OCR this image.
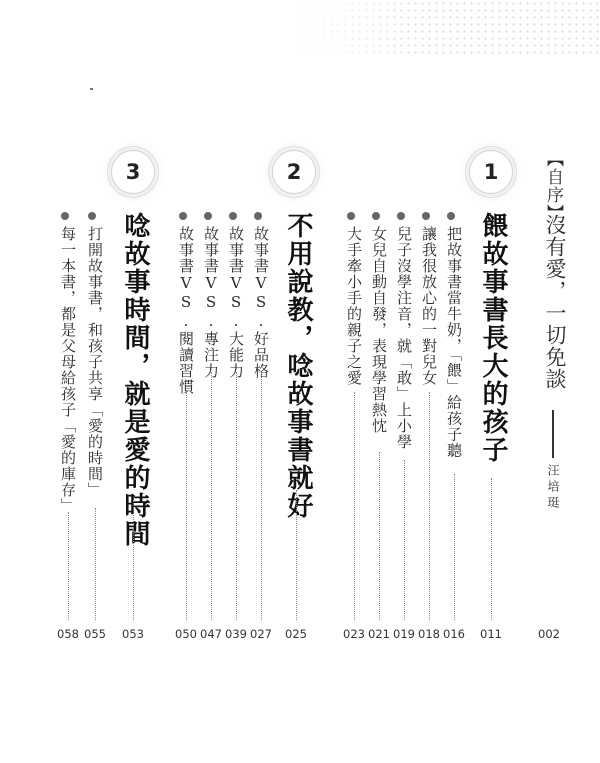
【自序】
沒有愛，一切免談
汪培珽
002
1
餵故事書長大的孩子
011
把故事書當牛奶，「餵」給孩子聽
016
讓我很放心的一對兒女
018
兒子沒學注音，就「敢」上小學
019
女兒自動自發，表現學習熱忱
021
大手牽小手的親子之愛
023
2
不用說教，唸故事書就好
025
故事書VS.好品格
027
故事書VS.大能力
039
故事書VS.專注力
047
故事書VS.閱讀習慣
050
3
唸故事時間，就是愛的時間
053
打開故事書，和孩子共享「愛的時間」
055
每一本書，都是父母給孩子「愛的庫存」
058
